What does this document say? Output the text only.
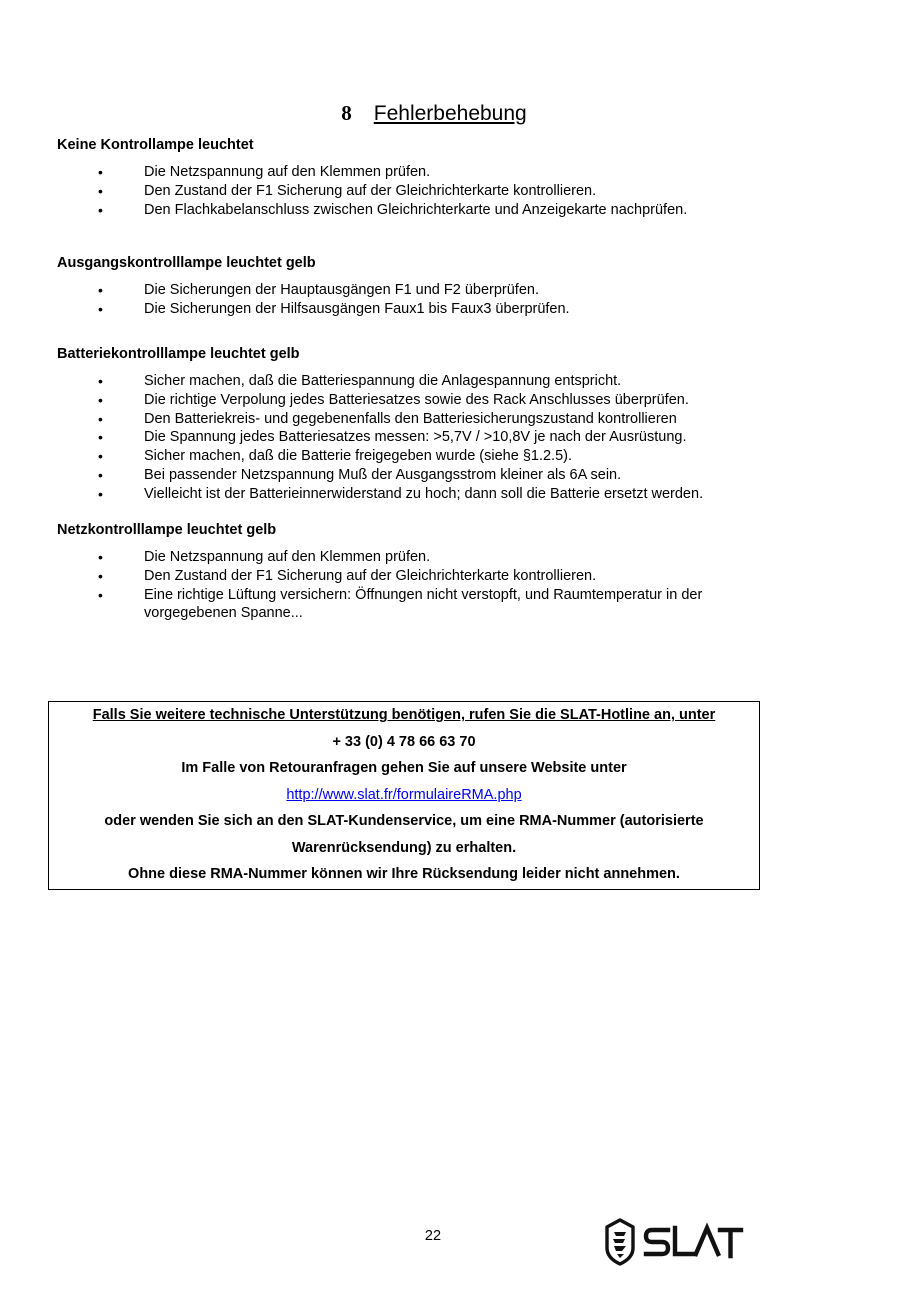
8 Fehlerbehebung
Keine Kontrollampe leuchtet
•	Die Netzspannung auf den Klemmen prüfen.
•	Den Zustand der F1 Sicherung auf der Gleichrichterkarte kontrollieren.
•	Den Flachkabelanschluss zwischen Gleichrichterkarte und Anzeigekarte nachprüfen.
Ausgangskontrolllampe leuchtet gelb
•	Die Sicherungen der Hauptausgängen F1 und F2 überprüfen.
•	Die Sicherungen der Hilfsausgängen Faux1 bis Faux3 überprüfen.
Batteriekontrolllampe leuchtet gelb
•	Sicher machen, daß die Batteriespannung die Anlagespannung entspricht.
•	Die richtige Verpolung jedes Batteriesatzes sowie des Rack Anschlusses überprüfen.
•	Den Batteriekreis- und gegebenenfalls den Batteriesicherungszustand kontrollieren
•	Die Spannung jedes Batteriesatzes messen: >5,7V / >10,8V je nach der Ausrüstung.
•	Sicher machen, daß die Batterie freigegeben wurde (siehe §1.2.5).
•	Bei passender Netzspannung Muß der Ausgangsstrom kleiner als 6A sein.
•	Vielleicht ist der Batterieinnerwiderstand zu hoch; dann soll die Batterie ersetzt werden.
Netzkontrolllampe leuchtet gelb
•	Die Netzspannung auf den Klemmen prüfen.
•	Den Zustand der F1 Sicherung auf der Gleichrichterkarte kontrollieren.
•	Eine richtige Lüftung versichern: Öffnungen nicht verstopft, und Raumtemperatur in der vorgegebenen Spanne...

Falls Sie weitere technische Unterstützung benötigen, rufen Sie die SLAT-Hotline an, unter

+ 33 (0) 4 78 66 63 70

Im Falle von Retouranfragen gehen Sie auf unsere Website unter

http://www.slat.fr/formulaireRMA.php

oder wenden Sie sich an den SLAT-Kundenservice, um eine RMA-Nummer (autorisierte

Warenrücksendung) zu erhalten.

Ohne diese RMA-Nummer können wir Ihre Rücksendung leider nicht annehmen.

22
